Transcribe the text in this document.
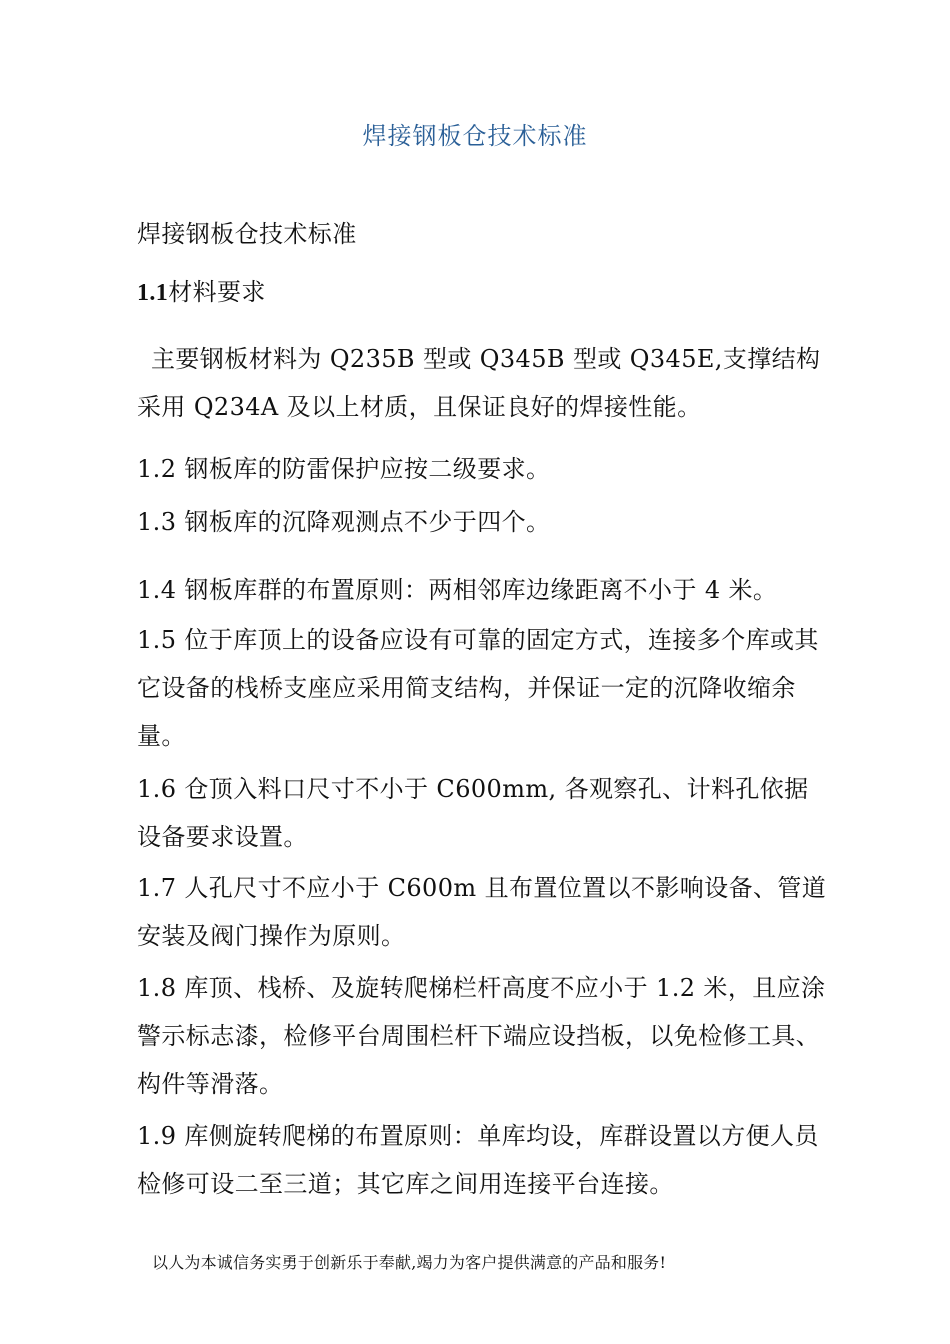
焊接钢板仓技术标准
焊接钢板仓技术标准
1.1材料要求
主要钢板材料为 Q235B 型或 Q345B 型或 Q345E,支撑结构采用 Q234A 及以上材质，且保证良好的焊接性能。
1.2 钢板库的防雷保护应按二级要求。
1.3 钢板库的沉降观测点不少于四个。
1.4 钢板库群的布置原则：两相邻库边缘距离不小于 4 米。
1.5 位于库顶上的设备应设有可靠的固定方式，连接多个库或其它设备的栈桥支座应采用简支结构，并保证一定的沉降收缩余量。
1.6 仓顶入料口尺寸不小于 C600mm, 各观察孔、计料孔依据设备要求设置。
1.7 人孔尺寸不应小于 C600m 且布置位置以不影响设备、管道安装及阀门操作为原则。
1.8 库顶、栈桥、及旋转爬梯栏杆高度不应小于 1.2 米，且应涂警示标志漆，检修平台周围栏杆下端应设挡板，以免检修工具、构件等滑落。
1.9 库侧旋转爬梯的布置原则：单库均设，库群设置以方便人员检修可设二至三道；其它库之间用连接平台连接。
以人为本诚信务实勇于创新乐于奉献,竭力为客户提供满意的产品和服务!
